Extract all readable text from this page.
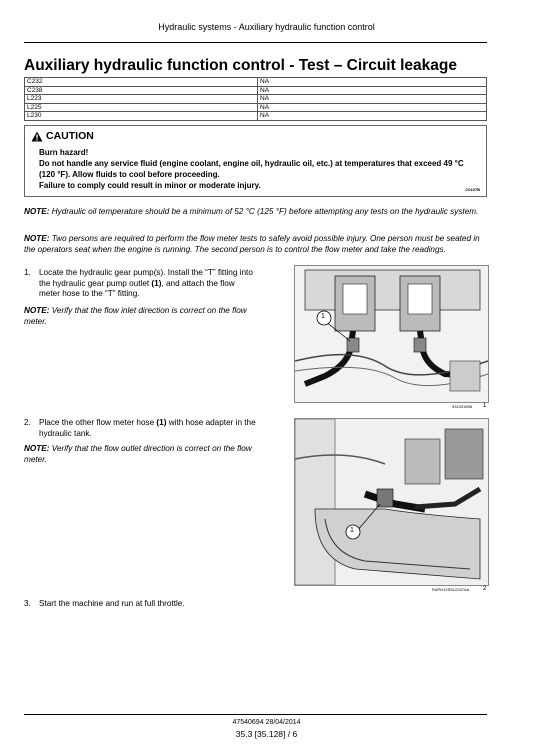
Hydraulic systems - Auxiliary hydraulic function control
Auxiliary hydraulic function control - Test – Circuit leakage
C232	NA
C238	NA
L223	NA
L225	NA
L230	NA
CAUTION
Burn hazard!
Do not handle any service fluid (engine coolant, engine oil, hydraulic oil, etc.) at temperatures that exceed 49 °C (120 °F). Allow fluids to cool before proceeding.
Failure to comply could result in minor or moderate injury.	C0107B
NOTE: Hydraulic oil temperature should be a minimum of 52 °C (125 °F) before attempting any tests on the hydraulic system.
NOTE: Two persons are required to perform the flow meter tests to safely avoid possible injury. One person must be seated in the operators seat when the engine is running. The second person is to control the flow meter and take the readings.
1. Locate the hydraulic gear pump(s). Install the “T” fitting into the hydraulic gear pump outlet (1), and attach the flow meter hose to the “T” fitting.
NOTE: Verify that the flow inlet direction is correct on the flow meter.	1
931001898 1
2. Place the other flow meter hose (1) with hose adapter in the hydraulic tank.
NOTE: Verify that the flow outlet direction is correct on the flow meter.
1
RAPH12SSL0347AA 2
3. Start the machine and run at full throttle.
47540694 28/04/2014
35.3 [35.128] / 6
